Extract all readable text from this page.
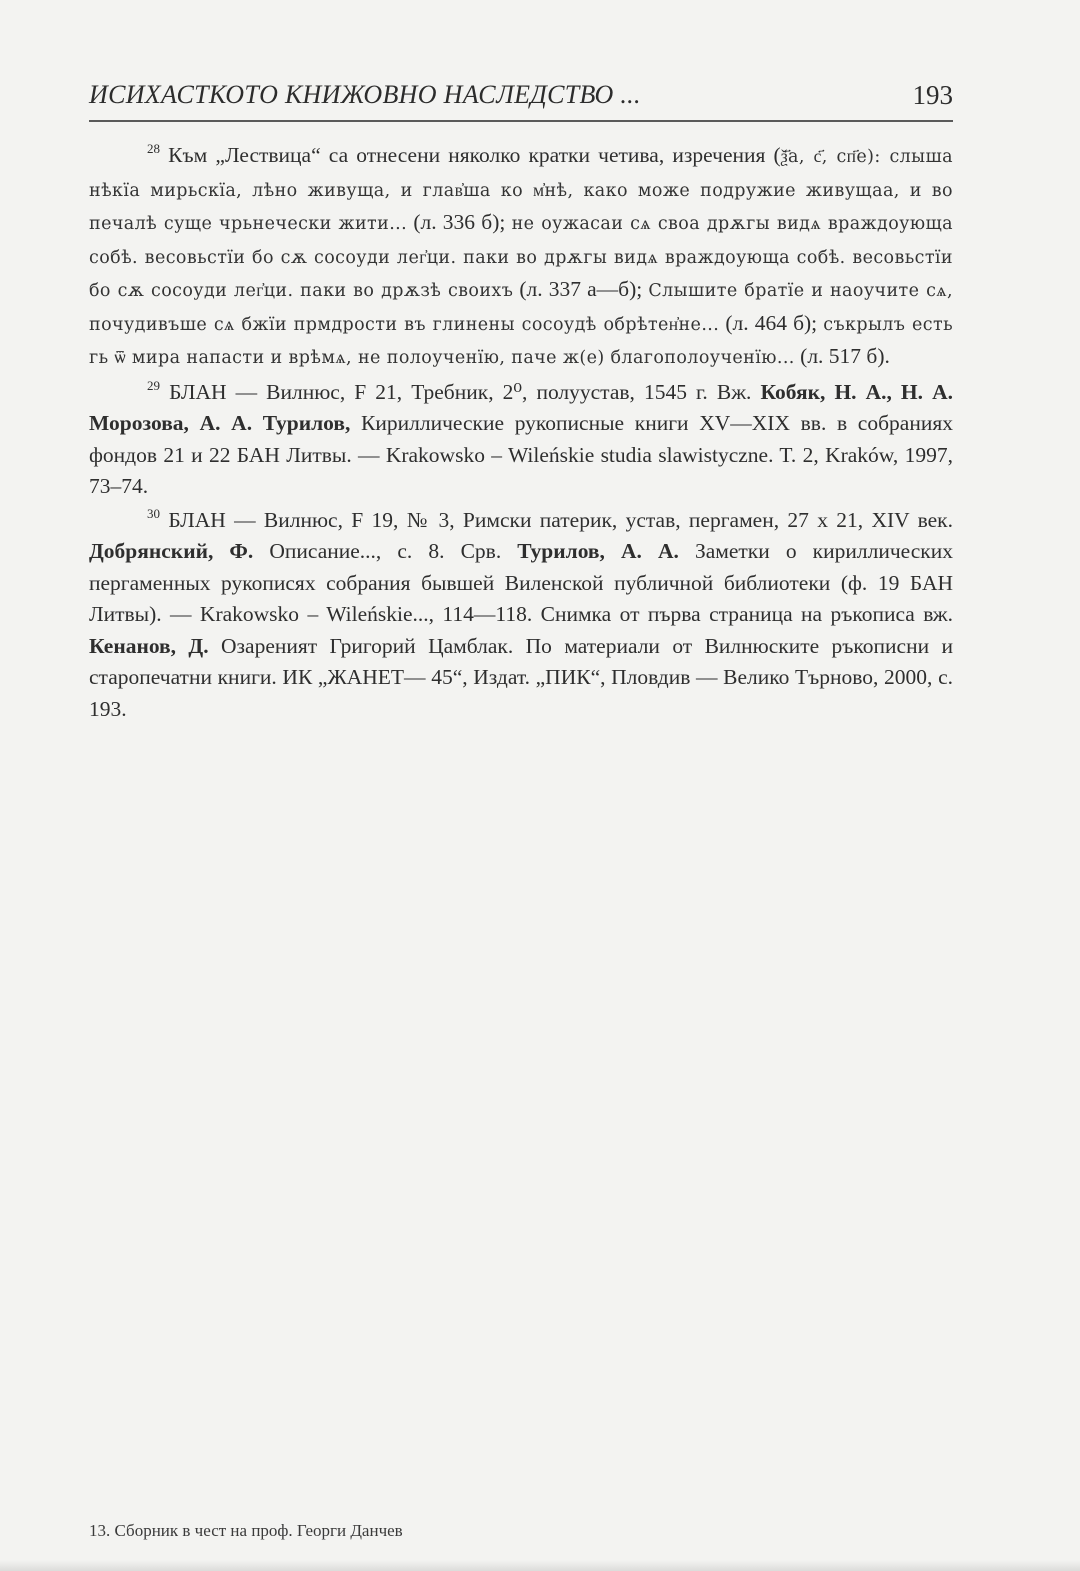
ИСИХАСТКОТО КНИЖОВНО НАСЛЕДСТВО ...	193

$^{28}$ Към „Лествица“ са отнесени няколко кратки четива, изречения (ѯ҃а, с҃, сп҃е): слыша нѣкїа мирьскїа, лѣно живуща, и глав҆ша ко м҆нѣ, како може подружие живущаа, и во печалѣ суще чрьнечески жити... (л. 336 б); не оужасаи сѧ своа дрѫгы видѧ враждоующа собѣ. весовьстїи бо сѫ сосоуди лег҆ци. паки во дрѫгы видѧ враждоующа собѣ. весовьстїи бо сѫ сосоуди лег҆ци. паки во дрѫзѣ своихъ (л. 337 а—б); Слышите братїе и наоучите сѧ, почудивъше сѧ бжїи прмдрости въ глинены сосоудѣ обрѣтен҆не... (л. 464 б); съкрылъ есть гь ѿ мира напасти и врѣмѧ, не полоученїю, паче ж(е) благополоученїю... (л. 517 б).

$^{29}$ БЛАН — Вилнюс, F 21, Требник, 2⁰, полуустав, 1545 г. Вж. Кобяк, Н. А., Н. А. Морозова, А. А. Турилов, Кириллические рукописные книги XV—XIX вв. в собраниях фондов 21 и 22 БАН Литвы. — Krakowsko – Wileńskie studia slawistyczne. T. 2, Kraków, 1997, 73–74.

$^{30}$ БЛАН — Вилнюс, F 19, № 3, Римски патерик, устав, пергамен, 27 x 21, XIV век. Добрянский, Ф. Описание..., с. 8. Срв. Турилов, А. А. Заметки о кириллических пергаменных рукописях собрания бывшей Виленской публичной библиотеки (ф. 19 БАН Литвы). — Krakowsko – Wileńskie..., 114—118. Снимка от първа страница на ръкописа вж. Кенанов, Д. Озареният Григорий Цамблак. По материали от Вилнюските ръкописни и старопечатни книги. ИК „ЖАНЕТ— 45“, Издат. „ПИК“, Пловдив — Велико Търново, 2000, с. 193.

13. Сборник в чест на проф. Георги Данчев
